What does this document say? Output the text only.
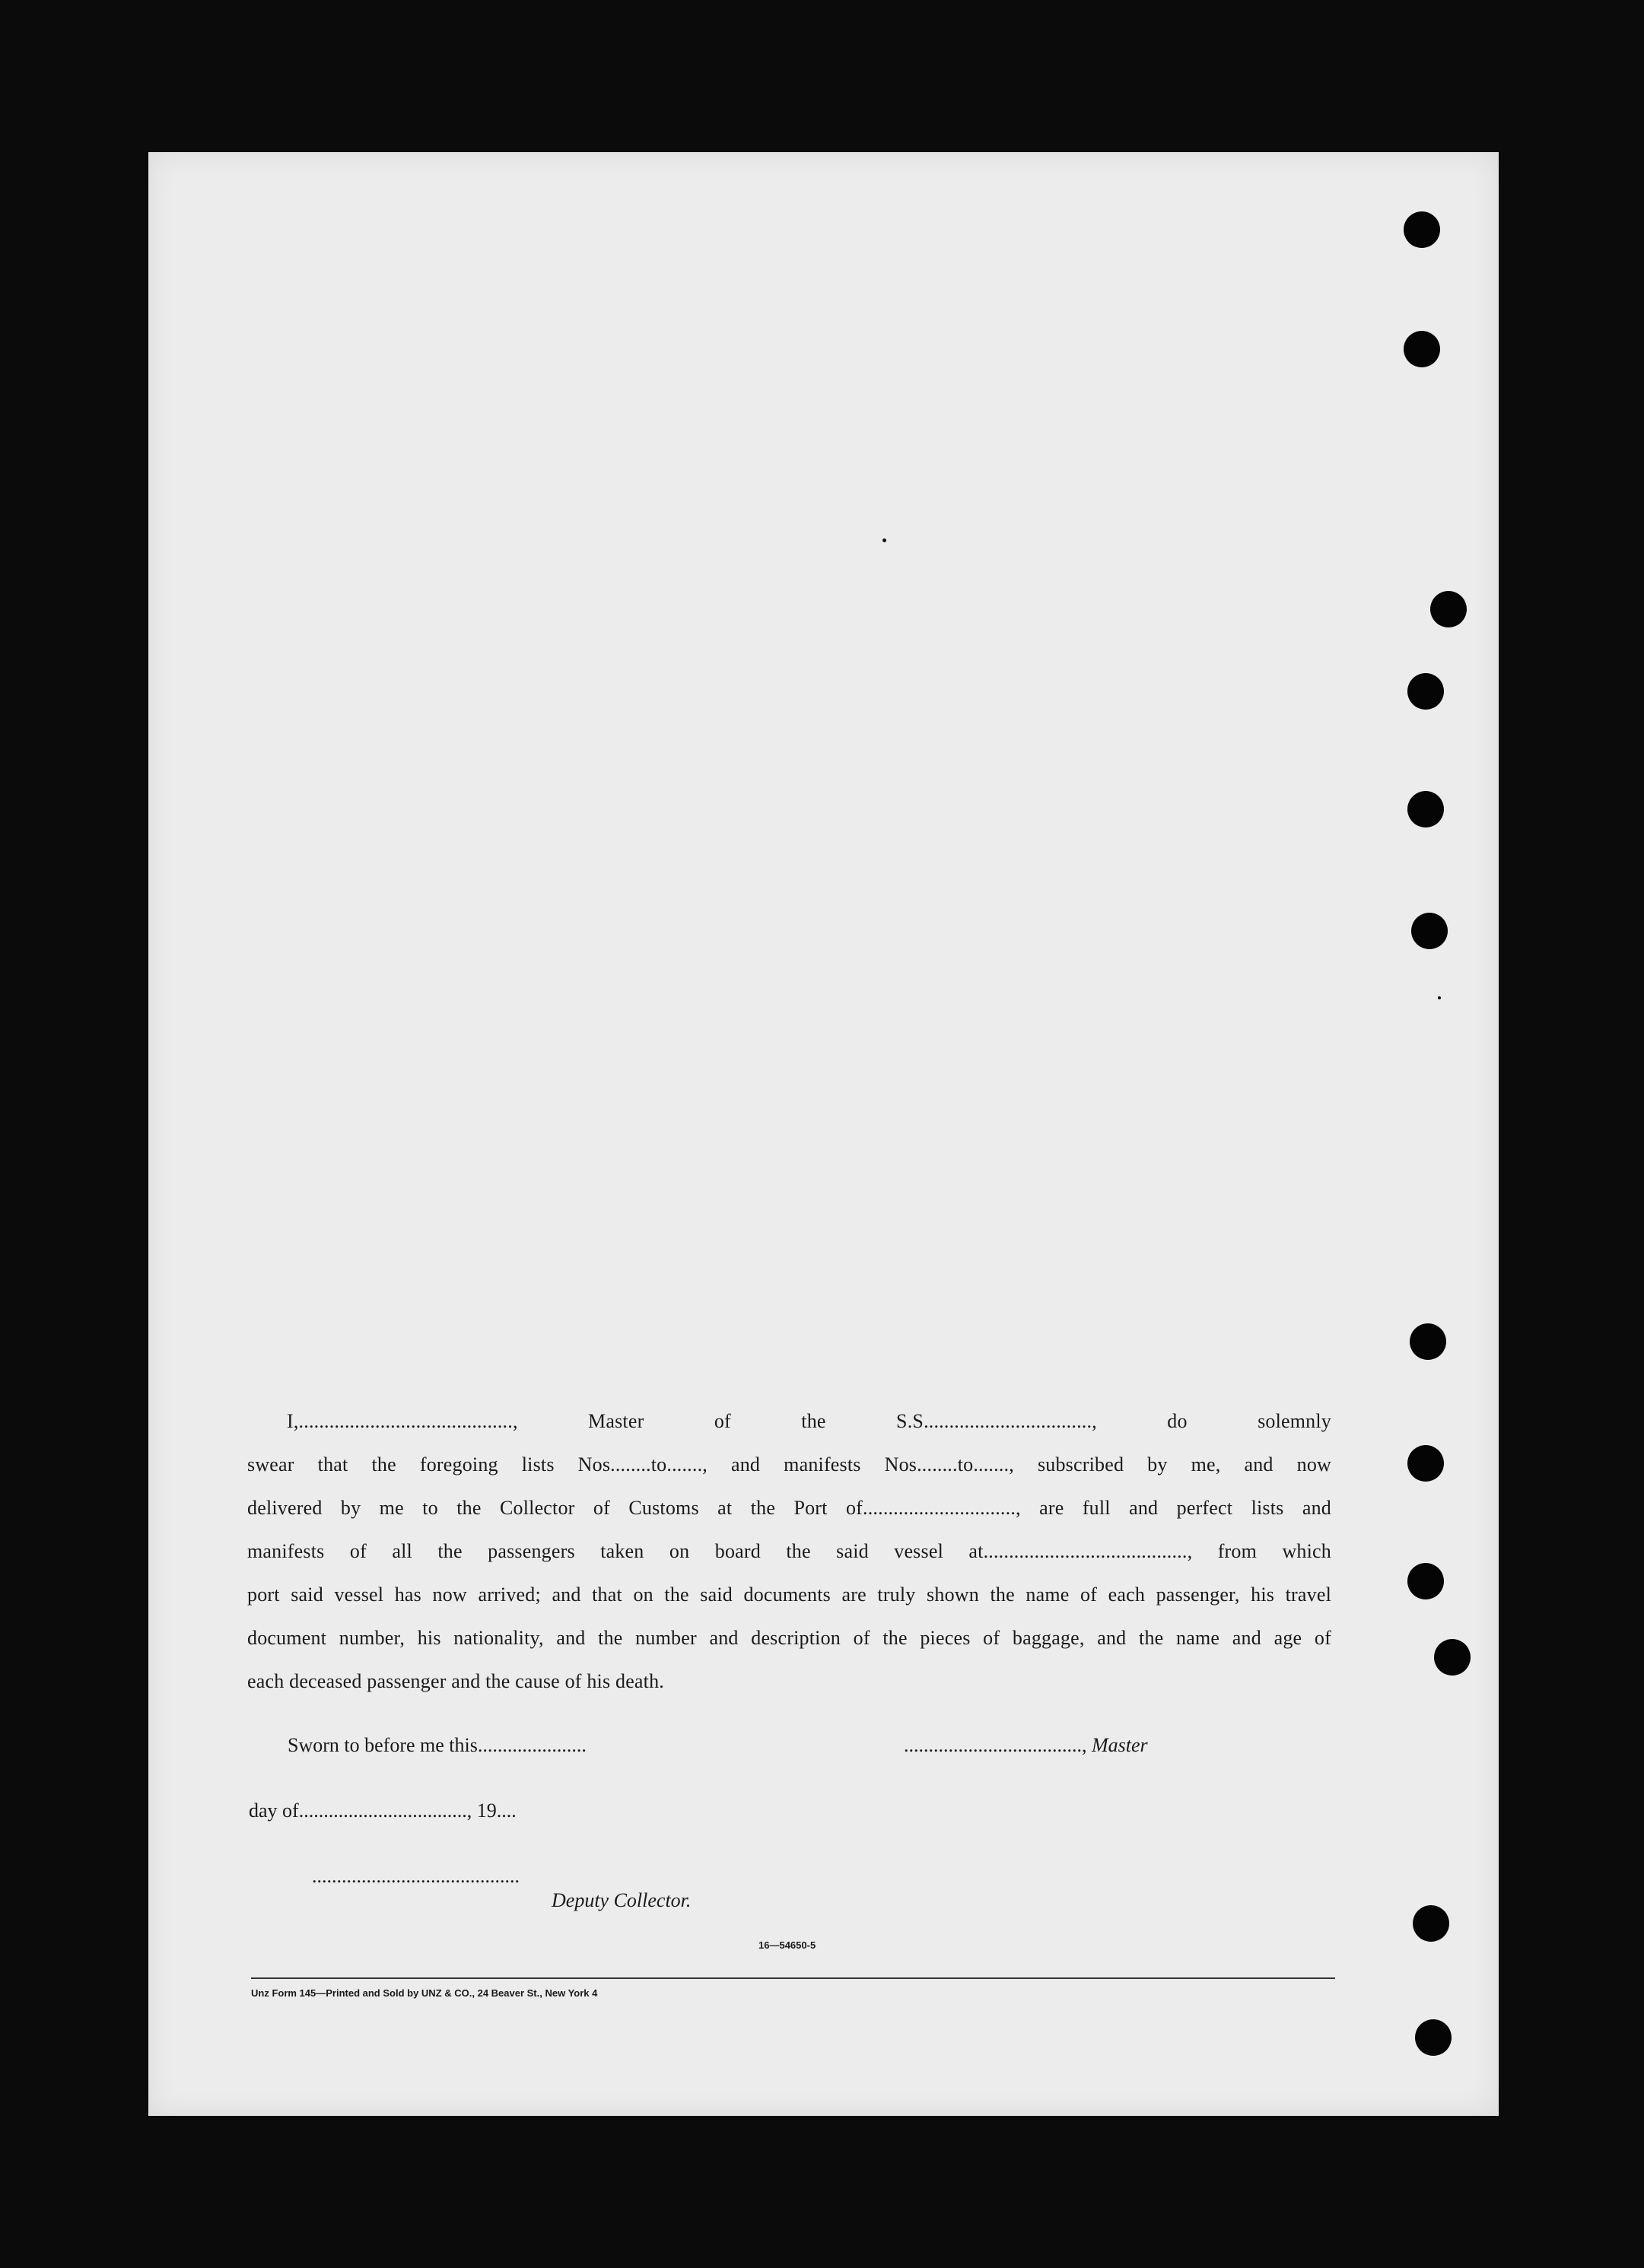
I,.........................................., Master of the S.S................................., do solemnly
swear that the foregoing lists Nos........to......., and manifests Nos........to......., subscribed by me, and now
delivered by me to the Collector of Customs at the Port of.............................., are full and perfect lists and
manifests of all the passengers taken on board the said vessel at........................................, from which
port said vessel has now arrived; and that on the said documents are truly shown the name of each passenger, his travel
document number, his nationality, and the number and description of the pieces of baggage, and the name and age of
each deceased passenger and the cause of his death.
Sworn to before me this......................	...................................., Master
day of.................................., 19....
..........................................
Deputy Collector.
16—54650-5
Unz Form 145—Printed and Sold by UNZ & CO., 24 Beaver St., New York 4
